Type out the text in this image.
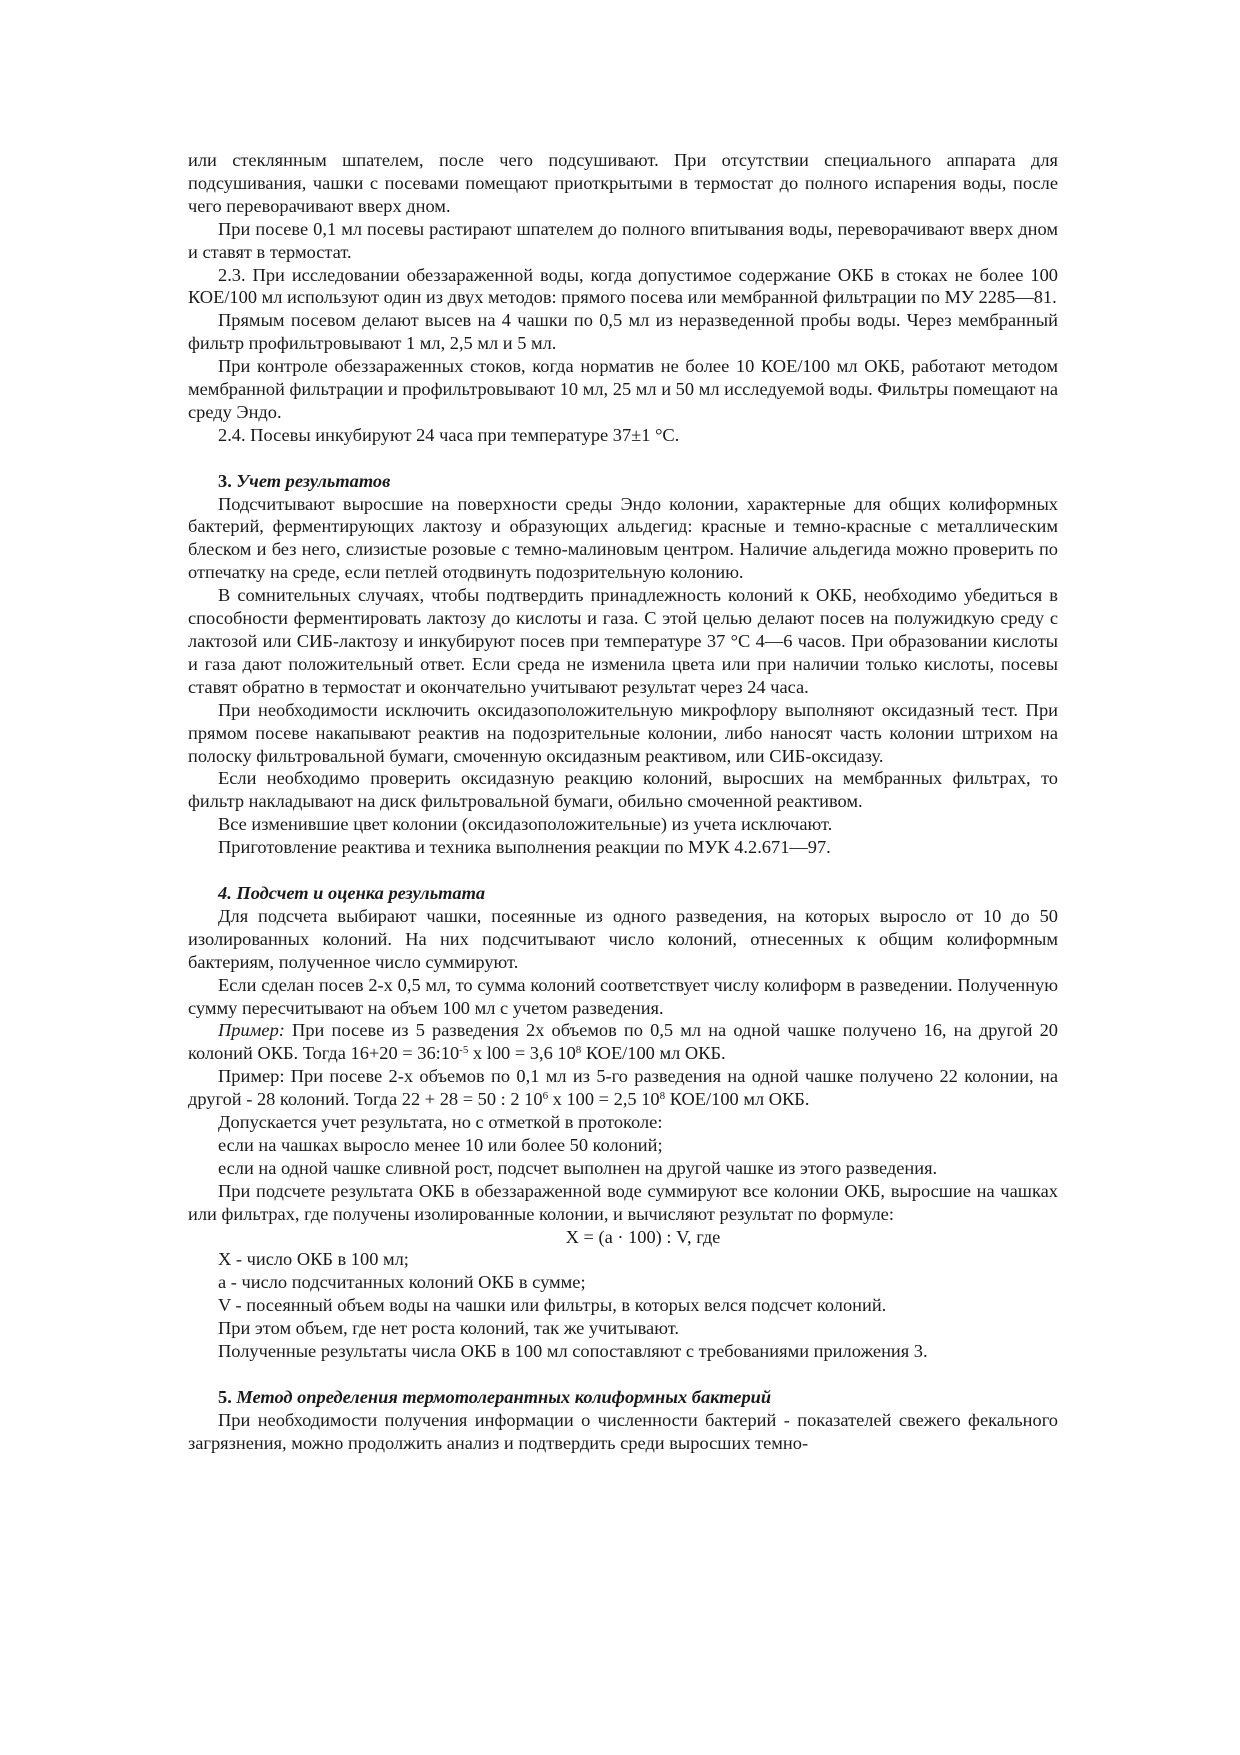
или стеклянным шпателем, после чего подсушивают. При отсутствии специального аппарата для подсушивания, чашки с посевами помещают приоткрытыми в термостат до полного испарения воды, после чего переворачивают вверх дном.

При посеве 0,1 мл посевы растирают шпателем до полного впитывания воды, переворачивают вверх дном и ставят в термостат.

2.3. При исследовании обеззараженной воды, когда допустимое содержание ОКБ в стоках не более 100 КОЕ/100 мл используют один из двух методов: прямого посева или мембранной фильтрации по МУ 2285—81.

Прямым посевом делают высев на 4 чашки по 0,5 мл из неразведенной пробы воды. Через мембранный фильтр профильтровывают 1 мл, 2,5 мл и 5 мл.

При контроле обеззараженных стоков, когда норматив не более 10 КОЕ/100 мл ОКБ, работают методом мембранной фильтрации и профильтровывают 10 мл, 25 мл и 50 мл исследуемой воды. Фильтры помещают на среду Эндо.

2.4. Посевы инкубируют 24 часа при температуре 37±1 °С.

3. Учет результатов

Подсчитывают выросшие на поверхности среды Эндо колонии, характерные для общих колиформных бактерий, ферментирующих лактозу и образующих альдегид: красные и темно-красные с металлическим блеском и без него, слизистые розовые с темно-малиновым центром. Наличие альдегида можно проверить по отпечатку на среде, если петлей отодвинуть подозрительную колонию.

В сомнительных случаях, чтобы подтвердить принадлежность колоний к ОКБ, необходимо убедиться в способности ферментировать лактозу до кислоты и газа. С этой целью делают посев на полужидкую среду с лактозой или СИБ-лактозу и инкубируют посев при температуре 37 °С 4—6 часов. При образовании кислоты и газа дают положительный ответ. Если среда не изменила цвета или при наличии только кислоты, посевы ставят обратно в термостат и окончательно учитывают результат через 24 часа.

При необходимости исключить оксидазоположительную микрофлору выполняют оксидазный тест. При прямом посеве накапывают реактив на подозрительные колонии, либо наносят часть колонии штрихом на полоску фильтровальной бумаги, смоченную оксидазным реактивом, или СИБ-оксидазу.

Если необходимо проверить оксидазную реакцию колоний, выросших на мембранных фильтрах, то фильтр накладывают на диск фильтровальной бумаги, обильно смоченной реактивом.

Все изменившие цвет колонии (оксидазоположительные) из учета исключают.

Приготовление реактива и техника выполнения реакции по МУК 4.2.671—97.

4. Подсчет и оценка результата

Для подсчета выбирают чашки, посеянные из одного разведения, на которых выросло от 10 до 50 изолированных колоний. На них подсчитывают число колоний, отнесенных к общим колиформным бактериям, полученное число суммируют.

Если сделан посев 2-х 0,5 мл, то сумма колоний соответствует числу колиформ в разведении. Полученную сумму пересчитывают на объем 100 мл с учетом разведения.

Пример: При посеве из 5 разведения 2х объемов по 0,5 мл на одной чашке получено 16, на другой 20 колоний ОКБ. Тогда $16+20 = 36:10^{-5}$ х l00 = 3,6 $10^8$ КОЕ/100 мл ОКБ.

Пример: При посеве 2-х объемов по 0,1 мл из 5-го разведения на одной чашке получено 22 колонии, на другой - 28 колоний. Тогда 22 + 28 = 50 : 2 $10^6$ х 100 = 2,5 $10^8$ КОЕ/100 мл ОКБ.

Допускается учет результата, но с отметкой в протоколе:

если на чашках выросло менее 10 или более 50 колоний;

если на одной чашке сливной рост, подсчет выполнен на другой чашке из этого разведения.

При подсчете результата ОКБ в обеззараженной воде суммируют все колонии ОКБ, выросшие на чашках или фильтрах, где получены изолированные колонии, и вычисляют результат по формуле:

Х = (а · 100) : V, где

Х - число ОКБ в 100 мл;

а - число подсчитанных колоний ОКБ в сумме;

V - посеянный объем воды на чашки или фильтры, в которых велся подсчет колоний.

При этом объем, где нет роста колоний, так же учитывают.

Полученные результаты числа ОКБ в 100 мл сопоставляют с требованиями приложения 3.

5. Метод определения термотолерантных колиформных бактерий

При необходимости получения информации о численности бактерий - показателей свежего фекального загрязнения, можно продолжить анализ и подтвердить среди выросших темно-
